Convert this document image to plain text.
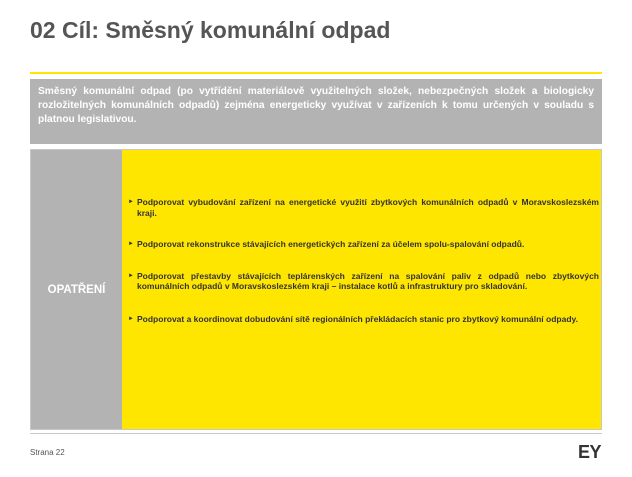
02 Cíl: Směsný komunální odpad
Směsný komunální odpad (po vytřídění materiálově využitelných složek, nebezpečných složek a biologicky rozložitelných komunálních odpadů) zejména energeticky využívat v zařízeních k tomu určených v souladu s platnou legislativou.
OPATŘENÍ
► Podporovat vybudování zařízení na energetické využití zbytkových komunálních odpadů v Moravskoslezském kraji.
► Podporovat rekonstrukce stávajících energetických zařízení za účelem spolu-spalování odpadů.
► Podporovat přestavby stávajících teplárenských zařízení na spalování paliv z odpadů nebo zbytkových komunálních odpadů v Moravskoslezském kraji – instalace kotlů a infrastruktury pro skladování.
► Podporovat a koordinovat dobudování sítě regionálních překládacích stanic pro zbytkový komunální odpady.
Strana 22	EY
